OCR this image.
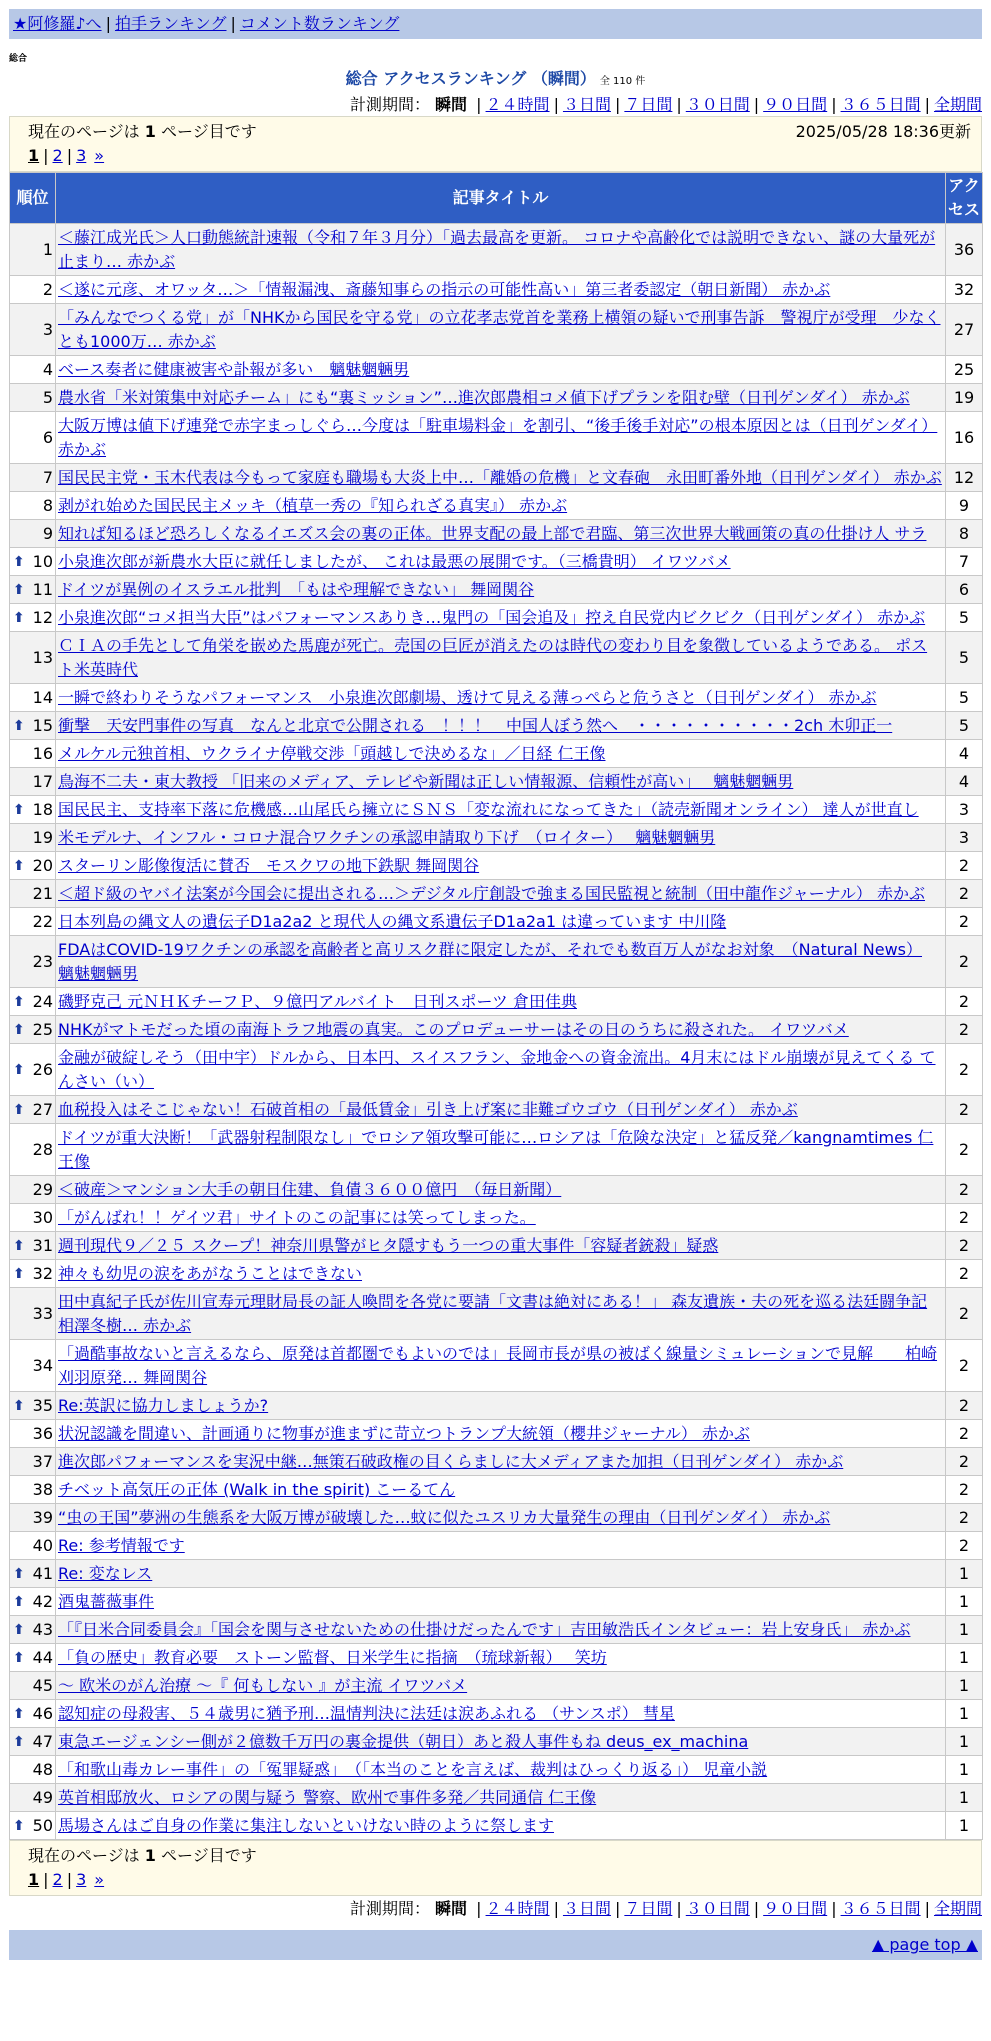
★阿修羅♪へ | 拍手ランキング | コメント数ランキング
総合
総合 アクセスランキング （瞬間） 全 110 件
計測期間： 瞬間 | ２４時間 | ３日間 | ７日間 | ３０日間 | ９０日間 | ３６５日間 | 全期間
現在のページは 1 ページ目です	2025/05/28 18:36更新
1 | 2 | 3 »
順位	記事タイトル	アクセス
1	＜藤江成光氏＞人口動態統計速報（令和７年３月分）「過去最高を更新。 コロナや高齢化では説明できない、謎の大量死が止まり… 赤かぶ	36
2	＜遂に元彦、オワッタ…＞「情報漏洩、斎藤知事らの指示の可能性高い」第三者委認定（朝日新聞） 赤かぶ	32
3	「みんなでつくる党」が「NHKから国民を守る党」の立花孝志党首を業務上横領の疑いで刑事告訴　警視庁が受理　少なくとも1000万… 赤かぶ	27
4	ベース奏者に健康被害や訃報が多い　魑魅魍魎男	25
5	農水省「米対策集中対応チーム」にも“裏ミッション”…進次郎農相コメ値下げプランを阻む壁（日刊ゲンダイ） 赤かぶ	19
6	大阪万博は値下げ連発で赤字まっしぐら…今度は「駐車場料金」を割引、“後手後手対応”の根本原因とは（日刊ゲンダイ） 赤かぶ	16
7	国民民主党・玉木代表は今もって家庭も職場も大炎上中…「離婚の危機」と文春砲　永田町番外地（日刊ゲンダイ） 赤かぶ	12
8	剥がれ始めた国民民主メッキ（植草一秀の『知られざる真実』） 赤かぶ	9
9	知れば知るほど恐ろしくなるイエズス会の裏の正体。世界支配の最上部で君臨、第三次世界大戦画策の真の仕掛け人 サラ	8

⬆ 10	小泉進次郎が新農水大臣に就任しましたが、 これは最悪の展開です。（三橋貴明） イワツバメ	7

⬆ 11	ドイツが異例のイスラエル批判　「もはや理解できない」 舞岡関谷	6

⬆ 12	小泉進次郎“コメ担当大臣”はパフォーマンスありき…鬼門の「国会追及」控え自民党内ビクビク（日刊ゲンダイ） 赤かぶ	5
13	ＣＩＡの手先として角栄を嵌めた馬鹿が死亡。売国の巨匠が消えたのは時代の変わり目を象徴しているようである。 ポスト米英時代	5
14	一瞬で終わりそうなパフォーマンス　小泉進次郎劇場、透けて見える薄っぺらと危うさと（日刊ゲンダイ） 赤かぶ	5

⬆ 15	衝撃　天安門事件の写真　なんと北京で公開される　！！！　中国人ぼう然へ　・・・・・・・・・・2ch 木卯正一	5
16	メルケル元独首相、ウクライナ停戦交渉「頭越しで決めるな」／日経 仁王像	4
17	鳥海不二夫・東大教授 「旧来のメディア、テレビや新聞は正しい情報源、信頼性が高い」　 魑魅魍魎男	4

⬆ 18	国民民主、支持率下落に危機感…山尾氏ら擁立にＳＮＳ「変な流れになってきた」（読売新聞オンライン） 達人が世直し	3
19	米モデルナ、インフル・コロナ混合ワクチンの承認申請取り下げ　（ロイター）　 魑魅魍魎男	3

⬆ 20	スターリン彫像復活に賛否　モスクワの地下鉄駅 舞岡関谷	2
21	＜超ド級のヤバイ法案が今国会に提出される…＞デジタル庁創設で強まる国民監視と統制（田中龍作ジャーナル） 赤かぶ	2
22	日本列島の縄文人の遺伝子D1a2a2 と現代人の縄文系遺伝子D1a2a1 は違っています 中川隆	2
23	FDAはCOVID-19ワクチンの承認を高齢者と高リスク群に限定したが、それでも数百万人がなお対象　（Natural News） 魑魅魍魎男	2

⬆ 24	磯野克己 元ＮＨＫチーフＰ、９億円アルバイト　日刊スポーツ 倉田佳典	2

⬆ 25	NHKがマトモだった頃の南海トラフ地震の真実。このプロデューサーはその日のうちに殺された。 イワツバメ	2

⬆ 26	金融が破綻しそう（田中宇）ドルから、日本円、スイスフラン、金地金への資金流出。4月末にはドル崩壊が見えてくる てんさい（い）	2

⬆ 27	血税投入はそこじゃない！石破首相の「最低賃金」引き上げ案に非難ゴウゴウ（日刊ゲンダイ） 赤かぶ	2
28	ドイツが重大決断！「武器射程制限なし」でロシア領攻撃可能に…ロシアは「危険な決定」と猛反発／kangnamtimes 仁王像	2
29	＜破産＞マンション大手の朝日住建、負債３６００億円　（毎日新聞）	2
30	「がんばれ！！ゲイツ君」サイトのこの記事には笑ってしまった。	2

⬆ 31	週刊現代９／２５ スクープ！神奈川県警がヒタ隠すもう一つの重大事件「容疑者銃殺」疑惑	2

⬆ 32	神々も幼児の涙をあがなうことはできない	2
33	田中真紀子氏が佐川宣寿元理財局長の証人喚問を各党に要請「文書は絶対にある！」 森友遺族・夫の死を巡る法廷闘争記 相澤冬樹… 赤かぶ	2
34	「過酷事故ないと言えるなら、原発は首都圏でもよいのでは」長岡市長が県の被ばく線量シミュレーションで見解　　柏崎刈羽原発… 舞岡関谷	2

⬆ 35	Re:英訳に協力しましょうか?	2
36	状況認識を間違い、計画通りに物事が進まずに苛立つトランプ大統領（櫻井ジャーナル） 赤かぶ	2
37	進次郎パフォーマンスを実況中継…無策石破政権の目くらましに大メディアまた加担（日刊ゲンダイ） 赤かぶ	2
38	チベット高気圧の正体 (Walk in the spirit) こーるてん	2
39	“虫の王国”夢洲の生態系を大阪万博が破壊した…蚊に似たユスリカ大量発生の理由（日刊ゲンダイ） 赤かぶ	2
40	Re: 参考情報です	2

⬆ 41	Re: 変なレス	1

⬆ 42	酒鬼薔薇事件	1

⬆ 43	「『日米合同委員会』「国会を関与させないための仕掛けだったんです」吉田敏浩氏インタビュー：岩上安身氏」 赤かぶ	1

⬆ 44	「負の歴史」教育必要　ストーン監督、日米学生に指摘　（琉球新報）　 笑坊	1
45	～ 欧米のがん治療 ～『 何もしない 』が主流 イワツバメ	1

⬆ 46	認知症の母殺害、５４歳男に猶予刑…温情判決に法廷は涙あふれる （サンスポ） 彗星	1

⬆ 47	東急エージェンシー側が２億数千万円の裏金提供（朝日）あと殺人事件もね deus_ex_machina	1
48	「和歌山毒カレー事件」の「冤罪疑惑」　（「本当のことを言えば、裁判はひっくり返る」） 児童小説	1
49	英首相邸放火、ロシアの関与疑う 警察、欧州で事件多発／共同通信 仁王像	1

⬆ 50	馬場さんはご自身の作業に集注しないといけない時のように祭します	1
現在のページは 1 ページ目です
1 | 2 | 3 »
計測期間： 瞬間 | ２４時間 | ３日間 | ７日間 | ３０日間 | ９０日間 | ３６５日間 | 全期間
▲ page top ▲
